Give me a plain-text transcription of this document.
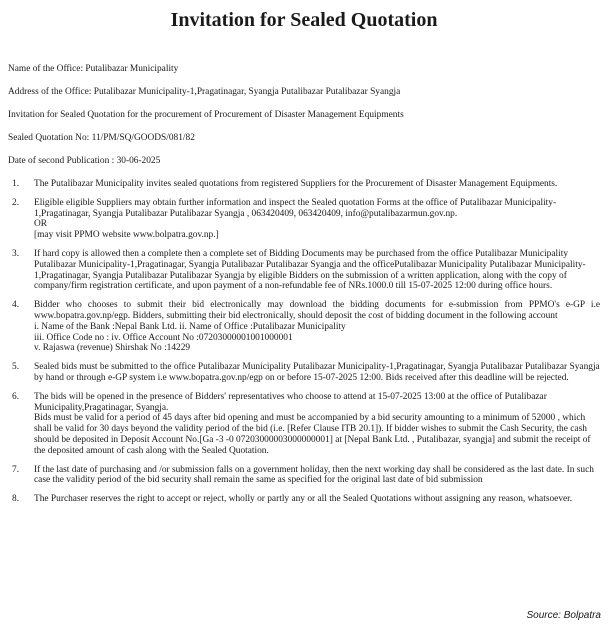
Invitation for Sealed Quotation

Name of the Office: Putalibazar Municipality

Address of the Office: Putalibazar Municipality-1,Pragatinagar, Syangja Putalibazar Putalibazar Syangja

Invitation for Sealed Quotation for the procurement of Procurement of Disaster Management Equipments

Sealed Quotation No: 11/PM/SQ/GOODS/081/82

Date of second Publication : 30-06-2025

1. The Putalibazar Municipality invites sealed quotations from registered Suppliers for the Procurement of Disaster Management Equipments.
2. Eligible eligible Suppliers may obtain further information and inspect the Sealed quotation Forms at the office of Putalibazar Municipality-1,Pragatinagar, Syangja Putalibazar Putalibazar Syangja , 063420409, 063420409, info@putalibazarmun.gov.np.
OR
[may visit PPMO website www.bolpatra.gov.np.]
3. If hard copy is allowed then a complete then a complete set of Bidding Documents may be purchased from the office Putalibazar Municipality Putalibazar Municipality-1,Pragatinagar, Syangja Putalibazar Putalibazar Syangja and the officePutalibazar Municipality Putalibazar Municipality-1,Pragatinagar, Syangja Putalibazar Putalibazar Syangja by eligible Bidders on the submission of a written application, along with the copy of company/firm registration certificate, and upon payment of a non-refundable fee of NRs.1000.0 till 15-07-2025 12:00 during office hours.
4. Bidder who chooses to submit their bid electronically may download the bidding documents for e-submission from PPMO's e-GP i.e www.bopatra.gov.np/egp. Bidders, submitting their bid electronically, should deposit the cost of bidding document in the following account
i. Name of the Bank :Nepal Bank Ltd. ii. Name of Office :Putalibazar Municipality
iii. Office Code no : iv. Office Account No :07203000001001000001
v. Rajaswa (revenue) Shirshak No :14229
5. Sealed bids must be submitted to the office Putalibazar Municipality Putalibazar Municipality-1,Pragatinagar, Syangja Putalibazar Putalibazar Syangja by hand or through e-GP system i.e www.bopatra.gov.np/egp on or before 15-07-2025 12:00. Bids received after this deadline will be rejected.
6. The bids will be opened in the presence of Bidders' representatives who choose to attend at 15-07-2025 13:00 at the office of Putalibazar Municipality,Pragatinagar, Syangja.
Bids must be valid for a period of 45 days after bid opening and must be accompanied by a bid security amounting to a minimum of 52000 , which shall be valid for 30 days beyond the validity period of the bid (i.e. [Refer Clause ITB 20.1]). If bidder wishes to submit the Cash Security, the cash should be deposited in Deposit Account No.[Ga -3 -0 07203000003000000001] at [Nepal Bank Ltd. , Putalibazar, syangja] and submit the receipt of the deposited amount of cash along with the Sealed Quotation.
7. If the last date of purchasing and /or submission falls on a government holiday, then the next working day shall be considered as the last date. In such case the validity period of the bid security shall remain the same as specified for the original last date of bid submission
8. The Purchaser reserves the right to accept or reject, wholly or partly any or all the Sealed Quotations without assigning any reason, whatsoever.
Source: Bolpatra
